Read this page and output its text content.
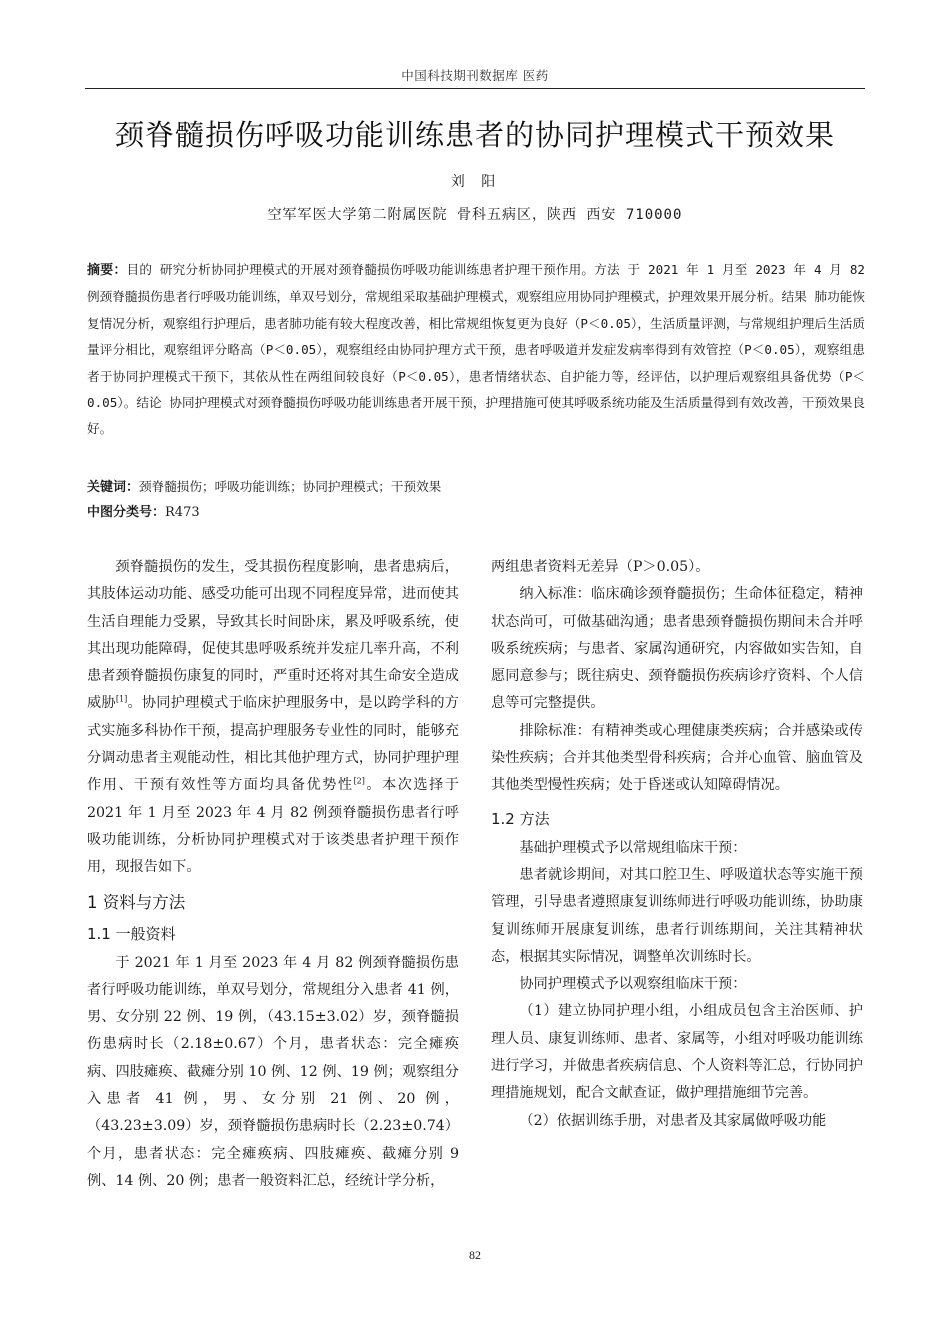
中国科技期刊数据库 医药
颈脊髓损伤呼吸功能训练患者的协同护理模式干预效果
刘 阳
空军军医大学第二附属医院 骨科五病区，陕西 西安 710000
摘要：目的 研究分析协同护理模式的开展对颈脊髓损伤呼吸功能训练患者护理干预作用。方法 于 2021 年 1 月至 2023 年 4 月 82 例颈脊髓损伤患者行呼吸功能训练，单双号划分，常规组采取基础护理模式，观察组应用协同护理模式，护理效果开展分析。结果 肺功能恢复情况分析，观察组行护理后，患者肺功能有较大程度改善，相比常规组恢复更为良好（P＜0.05），生活质量评测，与常规组护理后生活质量评分相比，观察组评分略高（P＜0.05），观察组经由协同护理方式干预，患者呼吸道并发症发病率得到有效管控（P＜0.05），观察组患者于协同护理模式干预下，其依从性在两组间较良好（P＜0.05），患者情绪状态、自护能力等，经评估，以护理后观察组具备优势（P＜0.05）。结论 协同护理模式对颈脊髓损伤呼吸功能训练患者开展干预，护理措施可使其呼吸系统功能及生活质量得到有效改善，干预效果良好。
关键词：颈脊髓损伤；呼吸功能训练；协同护理模式；干预效果
中图分类号：R473

颈脊髓损伤的发生，受其损伤程度影响，患者患病后，其肢体运动功能、感受功能可出现不同程度异常，进而使其生活自理能力受累，导致其长时间卧床，累及呼吸系统，使其出现功能障碍，促使其患呼吸系统并发症几率升高，不利患者颈脊髓损伤康复的同时，严重时还将对其生命安全造成威胁[1]。协同护理模式于临床护理服务中，是以跨学科的方式实施多科协作干预，提高护理服务专业性的同时，能够充分调动患者主观能动性，相比其他护理方式，协同护理护理作用、干预有效性等方面均具备优势性[2]。本次选择于 2021 年 1 月至 2023 年 4 月 82 例颈脊髓损伤患者行呼吸功能训练，分析协同护理模式对于该类患者护理干预作用，现报告如下。

1 资料与方法
1.1 一般资料

于 2021 年 1 月至 2023 年 4 月 82 例颈脊髓损伤患者行呼吸功能训练，单双号划分，常规组分入患者 41 例，男、女分别 22 例、19 例，（43.15±3.02）岁，颈脊髓损伤患病时长（2.18±0.67）个月，患者状态：完全瘫痪病、四肢瘫痪、截瘫分别 10 例、12 例、19 例；观察组分入患者 41 例，男、女分别 21 例、20 例，（43.23±3.09）岁，颈脊髓损伤患病时长（2.23±0.74）个月，患者状态：完全瘫痪病、四肢瘫痪、截瘫分别 9 例、14 例、20 例；患者一般资料汇总，经统计学分析，

两组患者资料无差异（P＞0.05）。

纳入标准：临床确诊颈脊髓损伤；生命体征稳定，精神状态尚可，可做基础沟通；患者患颈脊髓损伤期间未合并呼吸系统疾病；与患者、家属沟通研究，内容做如实告知，自愿同意参与；既往病史、颈脊髓损伤疾病诊疗资料、个人信息等可完整提供。

排除标准：有精神类或心理健康类疾病；合并感染或传染性疾病；合并其他类型骨科疾病；合并心血管、脑血管及其他类型慢性疾病；处于昏迷或认知障碍情况。

1.2 方法

基础护理模式予以常规组临床干预：

患者就诊期间，对其口腔卫生、呼吸道状态等实施干预管理，引导患者遵照康复训练师进行呼吸功能训练，协助康复训练师开展康复训练，患者行训练期间，关注其精神状态，根据其实际情况，调整单次训练时长。

协同护理模式予以观察组临床干预：

（1）建立协同护理小组，小组成员包含主治医师、护理人员、康复训练师、患者、家属等，小组对呼吸功能训练进行学习，并做患者疾病信息、个人资料等汇总，行协同护理措施规划，配合文献查证，做护理措施细节完善。

（2）依据训练手册，对患者及其家属做呼吸功能

82
